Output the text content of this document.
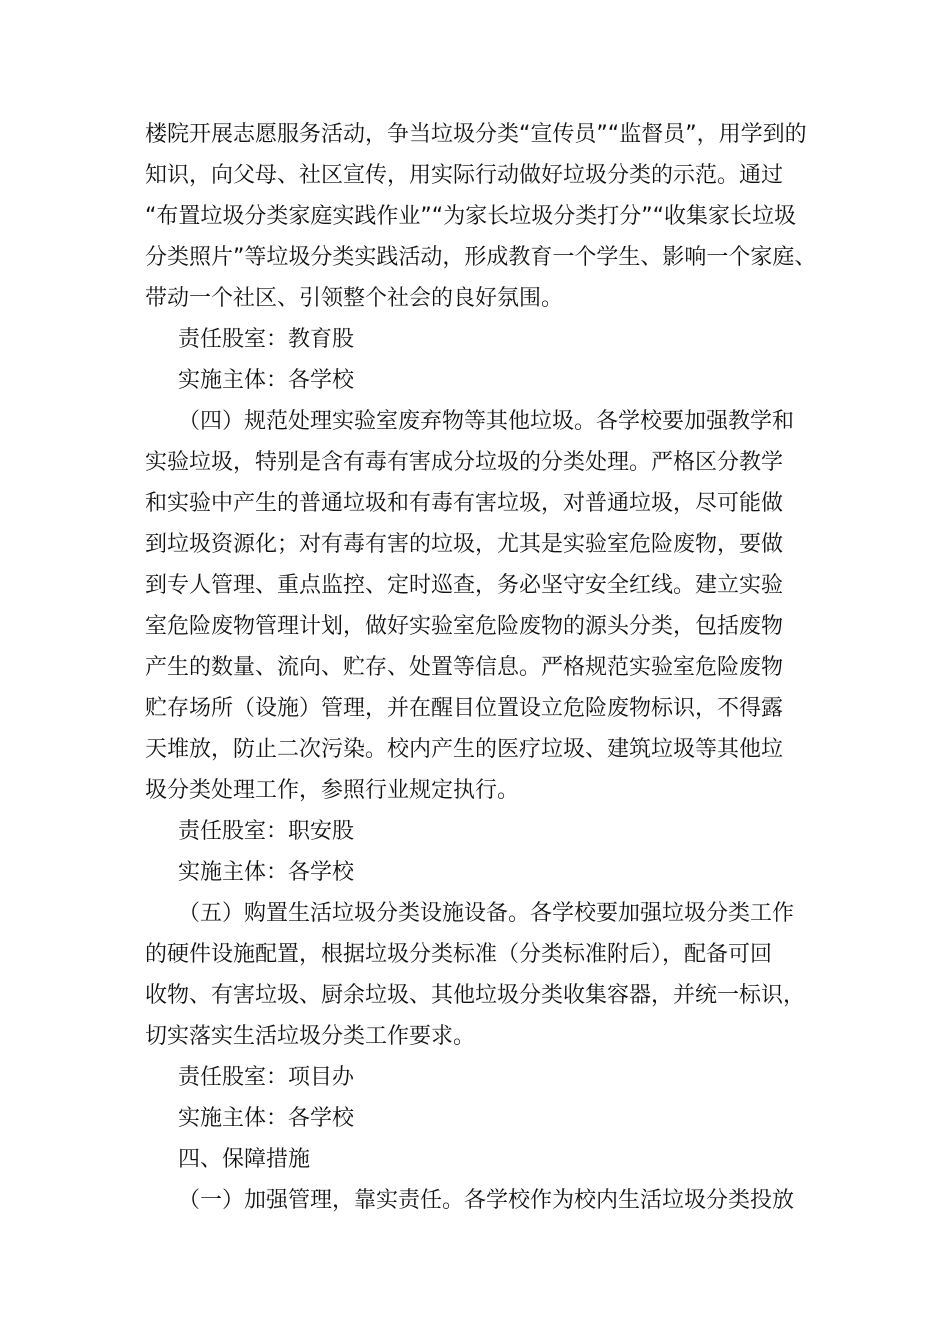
楼院开展志愿服务活动，争当垃圾分类“宣传员”“监督员”，用学到的
知识，向父母、社区宣传，用实际行动做好垃圾分类的示范。通过
“布置垃圾分类家庭实践作业”“为家长垃圾分类打分”“收集家长垃圾
分类照片”等垃圾分类实践活动，形成教育一个学生、影响一个家庭、
带动一个社区、引领整个社会的良好氛围。
责任股室：教育股
实施主体：各学校
（四）规范处理实验室废弃物等其他垃圾。各学校要加强教学和
实验垃圾，特别是含有毒有害成分垃圾的分类处理。严格区分教学
和实验中产生的普通垃圾和有毒有害垃圾，对普通垃圾，尽可能做
到垃圾资源化；对有毒有害的垃圾，尤其是实验室危险废物，要做
到专人管理、重点监控、定时巡查，务必坚守安全红线。建立实验
室危险废物管理计划，做好实验室危险废物的源头分类，包括废物
产生的数量、流向、贮存、处置等信息。严格规范实验室危险废物
贮存场所（设施）管理，并在醒目位置设立危险废物标识，不得露
天堆放，防止二次污染。校内产生的医疗垃圾、建筑垃圾等其他垃
圾分类处理工作，参照行业规定执行。
责任股室：职安股
实施主体：各学校
（五）购置生活垃圾分类设施设备。各学校要加强垃圾分类工作
的硬件设施配置，根据垃圾分类标准（分类标准附后），配备可回
收物、有害垃圾、厨余垃圾、其他垃圾分类收集容器，并统一标识，
切实落实生活垃圾分类工作要求。
责任股室：项目办
实施主体：各学校
四、保障措施
（一）加强管理，靠实责任。各学校作为校内生活垃圾分类投放
